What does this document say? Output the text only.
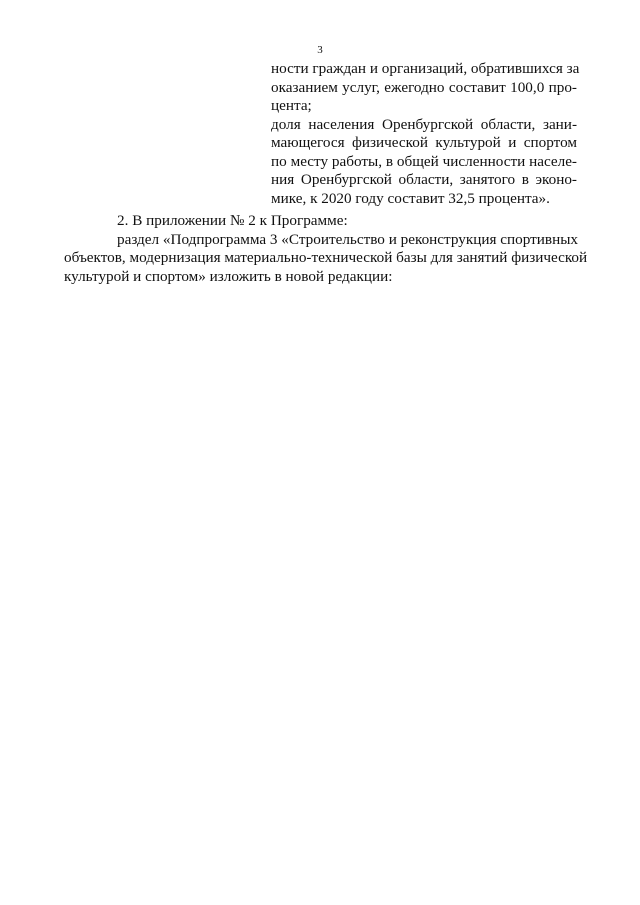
3
ности граждан и организаций, обратившихся за
оказанием услуг, ежегодно составит 100,0 про-
цента;
доля населения Оренбургской области, зани-
мающегося физической культурой и спортом
по месту работы, в общей численности населе-
ния Оренбургской области, занятого в эконо-
мике, к 2020 году составит 32,5 процента».
2. В приложении № 2 к Программе:
раздел «Подпрограмма 3 «Строительство и реконструкция спортивных
объектов, модернизация материально-технической базы для занятий физической
культурой и спортом» изложить в новой редакции:
